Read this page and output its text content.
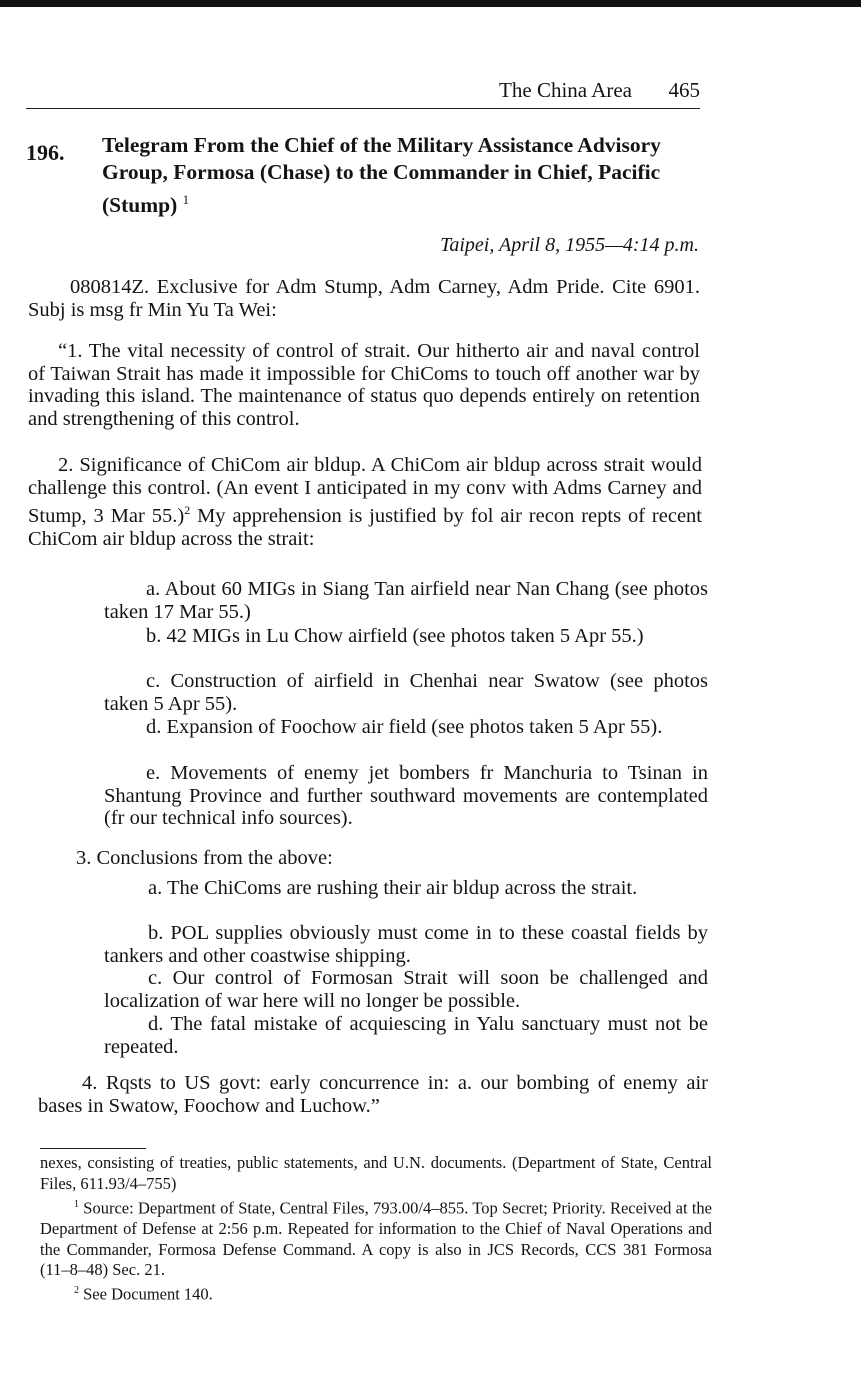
The China Area 465
196. Telegram From the Chief of the Military Assistance Advisory Group, Formosa (Chase) to the Commander in Chief, Pacific (Stump) $^1$
Taipei, April 8, 1955—4:14 p.m.

080814Z. Exclusive for Adm Stump, Adm Carney, Adm Pride. Cite 6901. Subj is msg fr Min Yu Ta Wei:

“1. The vital necessity of control of strait. Our hitherto air and naval control of Taiwan Strait has made it impossible for ChiComs to touch off another war by invading this island. The maintenance of status quo depends entirely on retention and strengthening of this control.

2. Significance of ChiCom air bldup. A ChiCom air bldup across strait would challenge this control. (An event I anticipated in my conv with Adms Carney and Stump, 3 Mar 55.)$^2$ My apprehension is justified by fol air recon repts of recent ChiCom air bldup across the strait:

a. About 60 MIGs in Siang Tan airfield near Nan Chang (see photos taken 17 Mar 55.)

b. 42 MIGs in Lu Chow airfield (see photos taken 5 Apr 55.)

c. Construction of airfield in Chenhai near Swatow (see photos taken 5 Apr 55).

d. Expansion of Foochow air field (see photos taken 5 Apr 55).

e. Movements of enemy jet bombers fr Manchuria to Tsinan in Shantung Province and further southward movements are contemplated (fr our technical info sources).

3. Conclusions from the above:

a. The ChiComs are rushing their air bldup across the strait.

b. POL supplies obviously must come in to these coastal fields by tankers and other coastwise shipping.

c. Our control of Formosan Strait will soon be challenged and localization of war here will no longer be possible.

d. The fatal mistake of acquiescing in Yalu sanctuary must not be repeated.

4. Rqsts to US govt: early concurrence in: a. our bombing of enemy air bases in Swatow, Foochow and Luchow.”

nexes, consisting of treaties, public statements, and U.N. documents. (Department of State, Central Files, 611.93/4–755)

$^1$ Source: Department of State, Central Files, 793.00/4–855. Top Secret; Priority. Received at the Department of Defense at 2:56 p.m. Repeated for information to the Chief of Naval Operations and the Commander, Formosa Defense Command. A copy is also in JCS Records, CCS 381 Formosa (11–8–48) Sec. 21.

$^2$ See Document 140.
